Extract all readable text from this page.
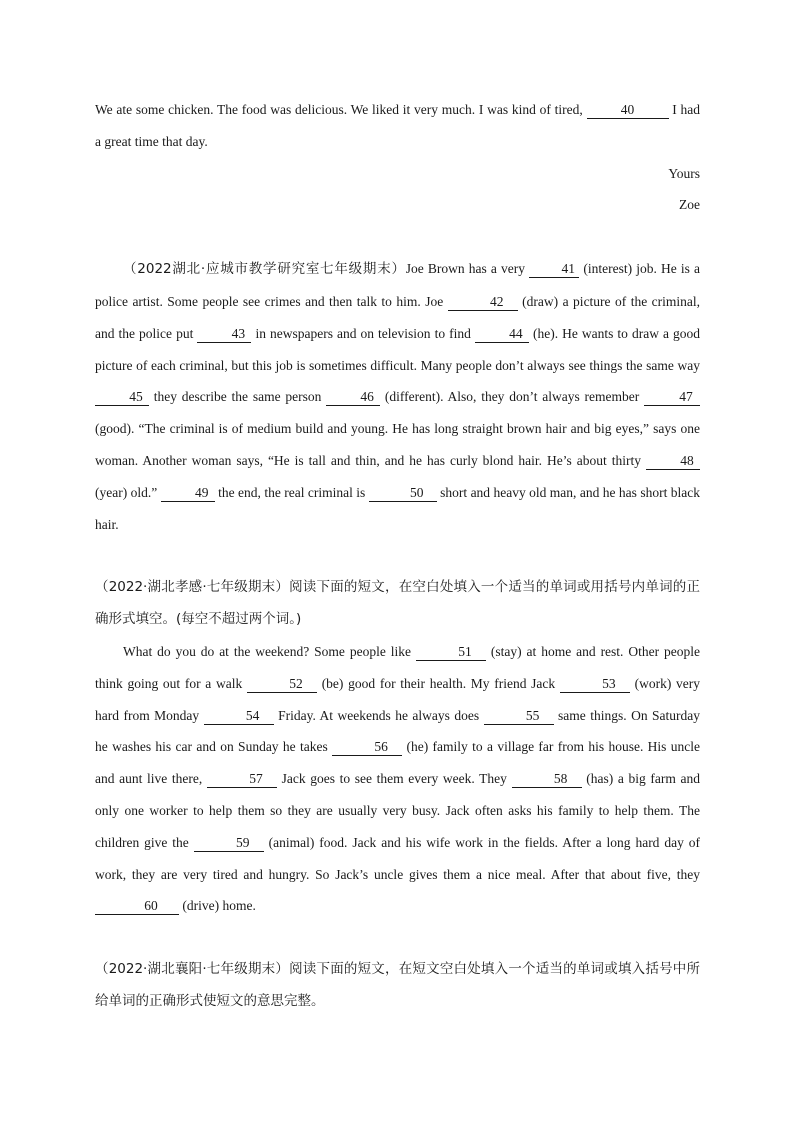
We ate some chicken. The food was delicious. We liked it very much. I was kind of tired,	40	I had a great time that day.

Yours

Zoe

（2022湖北·应城市教学研究室七年级期末）Joe Brown has a very	41 (interest) job. He is a police artist. Some people see crimes and then talk to him. Joe	42 (draw) a picture of the criminal, and the police put	43 in newspapers and on television to find	44 (he). He wants to draw a good picture of each criminal, but this job is sometimes difficult. Many people don’t always see things the same way 45 they describe the same person	46 (different). Also, they don’t always remember	47 (good). “The criminal is of medium build and young. He has long straight brown hair and big eyes,” says one woman. Another woman says, “He is tall and thin, and he has curly blond hair. He’s about thirty	48 (year) old.”	49 the end, the real criminal is	50 short and heavy old man, and he has short black hair.

（2022·湖北孝感·七年级期末）阅读下面的短文，在空白处填入一个适当的单词或用括号内单词的正确形式填空。(每空不超过两个词。)

What do you do at the weekend? Some people like	51 (stay) at home and rest. Other people think going out for a walk	52 (be) good for their health. My friend Jack	53 (work) very hard from Monday	54 Friday. At weekends he always does	55 same things. On Saturday he washes his car and on Sunday he takes	56 (he) family to a village far from his house. His uncle and aunt live there,	57 Jack goes to see them every week. They	58 (has) a big farm and only one worker to help them so they are usually very busy. Jack often asks his family to help them. The children give the	59 (animal) food. Jack and his wife work in the fields. After a long hard day of work, they are very tired and hungry. So Jack’s uncle gives them a nice meal. After that about five, they 60 (drive) home.

（2022·湖北襄阳·七年级期末）阅读下面的短文，在短文空白处填入一个适当的单词或填入括号中所给单词的正确形式使短文的意思完整。
